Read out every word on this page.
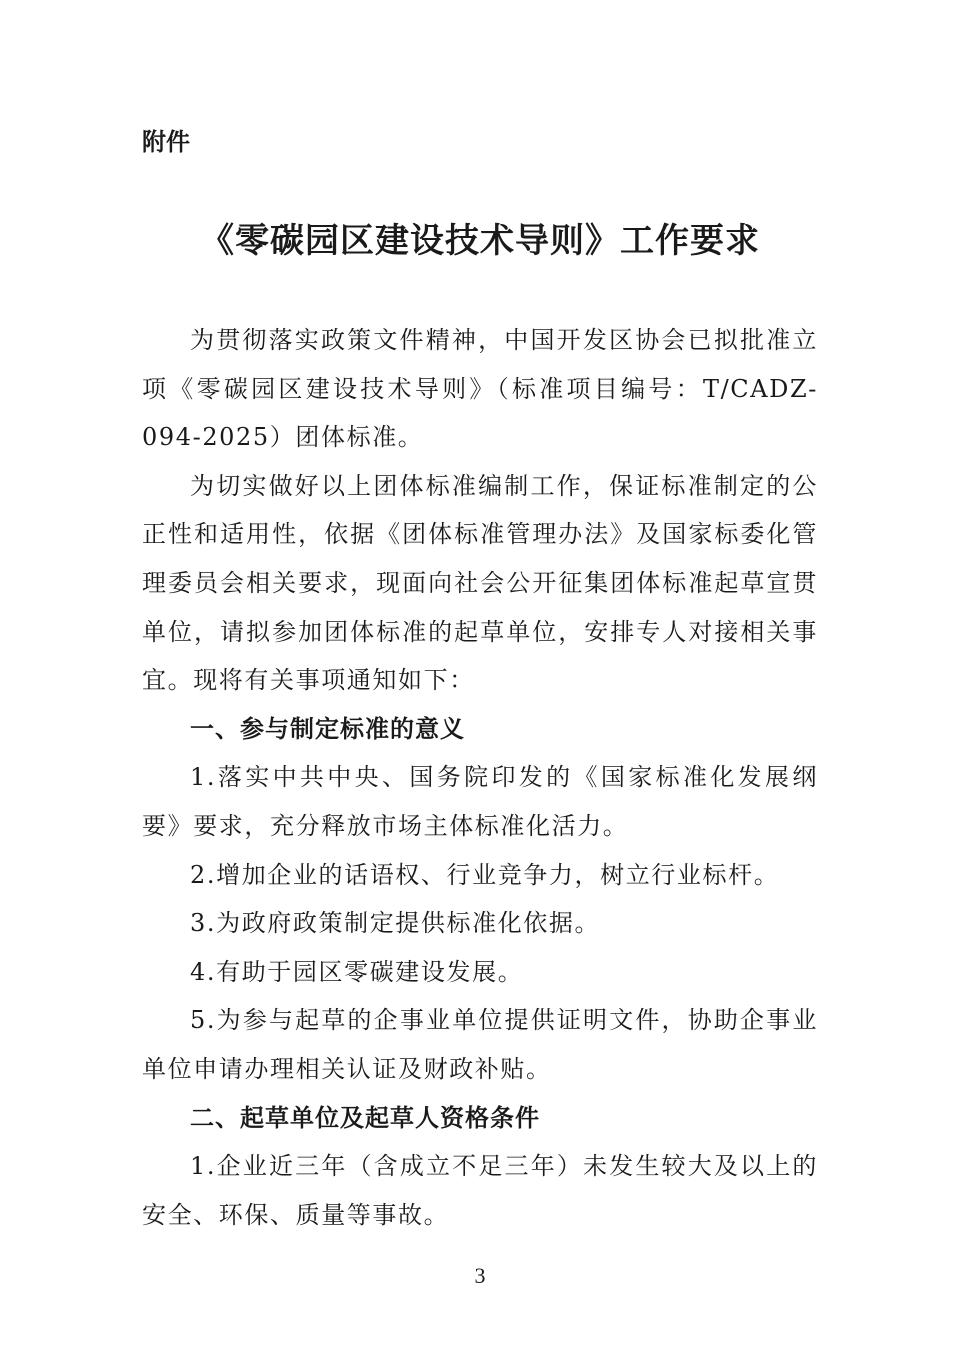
附件
《零碳园区建设技术导则》工作要求

为贯彻落实政策文件精神，中国开发区协会已拟批准立项《零碳园区建设技术导则》（标准项目编号：T/CADZ-094-2025）团体标准。

为切实做好以上团体标准编制工作，保证标准制定的公正性和适用性，依据《团体标准管理办法》及国家标委化管理委员会相关要求，现面向社会公开征集团体标准起草宣贯单位，请拟参加团体标准的起草单位，安排专人对接相关事宜。现将有关事项通知如下：

一、参与制定标准的意义

1.落实中共中央、国务院印发的《国家标准化发展纲要》要求，充分释放市场主体标准化活力。

2.增加企业的话语权、行业竞争力，树立行业标杆。

3.为政府政策制定提供标准化依据。

4.有助于园区零碳建设发展。

5.为参与起草的企事业单位提供证明文件，协助企事业单位申请办理相关认证及财政补贴。

二、起草单位及起草人资格条件

1.企业近三年（含成立不足三年）未发生较大及以上的安全、环保、质量等事故。

3
